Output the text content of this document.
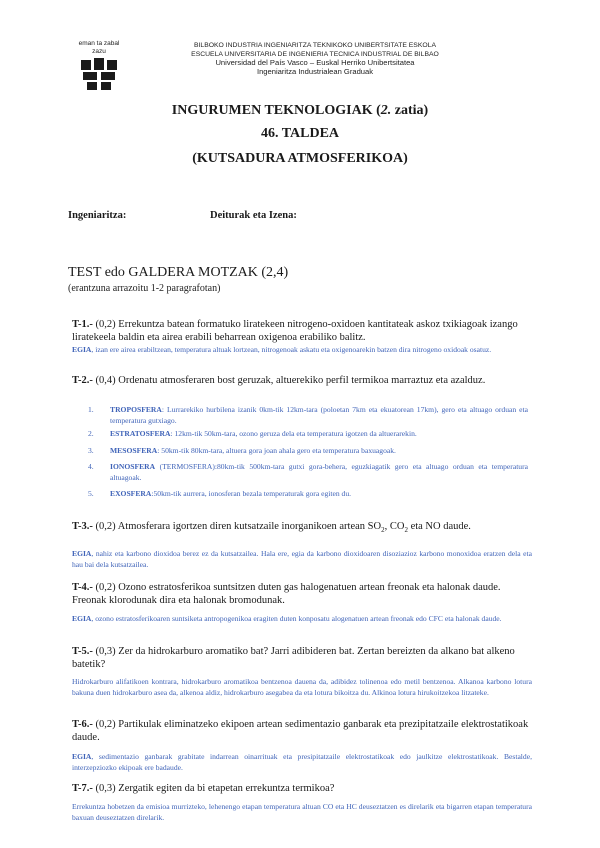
eman ta zabal
zazu
BILBOKO INDUSTRIA INGENIARITZA TEKNIKOKO UNIBERTSITATE ESKOLA
ESCUELA UNIVERSITARIA DE INGENIERIA TECNICA INDUSTRIAL DE BILBAO
Universidad del País Vasco – Euskal Herriko Unibertsitatea
Ingeniaritza Industrialean Graduak
INGURUMEN TEKNOLOGIAK (2. zatia)
46. TALDEA
(KUTSADURA ATMOSFERIKOA)
Ingeniaritza:	Deiturak eta Izena:
TEST edo GALDERA MOTZAK (2,4)
(erantzuna arrazoitu 1-2 paragrafotan)
T-1.- (0,2) Errekuntza batean formatuko liratekeen nitrogeno-oxidoen kantitateak askoz txikiagoak izango liratekeela baldin eta airea erabili beharrean oxigenoa erabiliko balitz.
EGIA, izan ere airea erabiltzean, temperatura altuak lortzean, nitrogenoak askatu eta oxigenoarekin batzen dira nitrogeno oxidoak osatuz.
T-2.- (0,4) Ordenatu atmosferaren bost geruzak, altuerekiko perfil termikoa marraztuz eta azalduz.
1. TROPOSFERA: Lurrarekiko hurbilena izanik 0km-tik 12km-tara (poloetan 7km eta ekuatorean 17km), gero eta altuago orduan eta temperatura gutxiago.
2. ESTRATOSFERA: 12km-tik 50km-tara, ozono geruza dela eta temperatura igotzen da altuerarekin.
3. MESOSFERA: 50km-tik 80km-tara, altuera gora joan ahala gero eta temperatura baxuagoak.
4. IONOSFERA (TERMOSFERA):80km-tik 500km-tara gutxi gora-behera, eguzkiagatik gero eta altuago orduan eta temperatura altuagoak.
5. EXOSFERA:50km-tik aurrera, ionosferan bezala temperaturak gora egiten du.
T-3.- (0,2) Atmosferara igortzen diren kutsatzaile inorganikoen artean $SO_2$, $CO_2$ eta NO daude.
EGIA, nahiz eta karbono dioxidoa berez ez da kutsatzailea. Hala ere, egia da karbono dioxidoaren disoziazioz karbono monoxidoa eratzen dela eta hau bai dela kutsatzailea.
T-4.- (0,2) Ozono estratosferikoa suntsitzen duten gas halogenatuen artean freonak eta halonak daude. Freonak klorodunak dira eta halonak bromodunak.
EGIA, ozono estratosferikoaren suntsiketa antropogenikoa eragiten duten konposatu alogenatuen artean freonak edo CFC eta halonak daude.
T-5.- (0,3) Zer da hidrokarburo aromatiko bat? Jarri adibideren bat. Zertan bereizten da alkano bat alkeno batetik?
Hidrokarburo alifatikoen kontrara, hidrokarburo aromatikoa bentzenoa dauena da, adibidez tolinenoa edo metil bentzenoa. Alkanoa karbono lotura bakuna duen hidrokarburo asea da, alkenoa aldiz, hidrokarburo asegabea da eta lotura bikoitza du. Alkinoa lotura hirukoitzekoa litzateke.
T-6.- (0,2) Partikulak eliminatzeko ekipoen artean sedimentazio ganbarak eta prezipitatzaile elektrostatikoak daude.
EGIA, sedimentazio ganbarak grabitate indarrean oinarrituak eta presipitatzaile elektrostatikoak edo jaulkitze elektrostatikoak. Bestalde, interzepziozko ekipoak ere badaude.
T-7.- (0,3) Zergatik egiten da bi etapetan errekuntza termikoa?
Errekuntza hobetzen da emisioa murrizteko, lehenengo etapan temperatura altuan CO eta HC deuseztatzen es direlarik eta bigarren etapan temperatura baxuan deuseztatzen direlarik.
